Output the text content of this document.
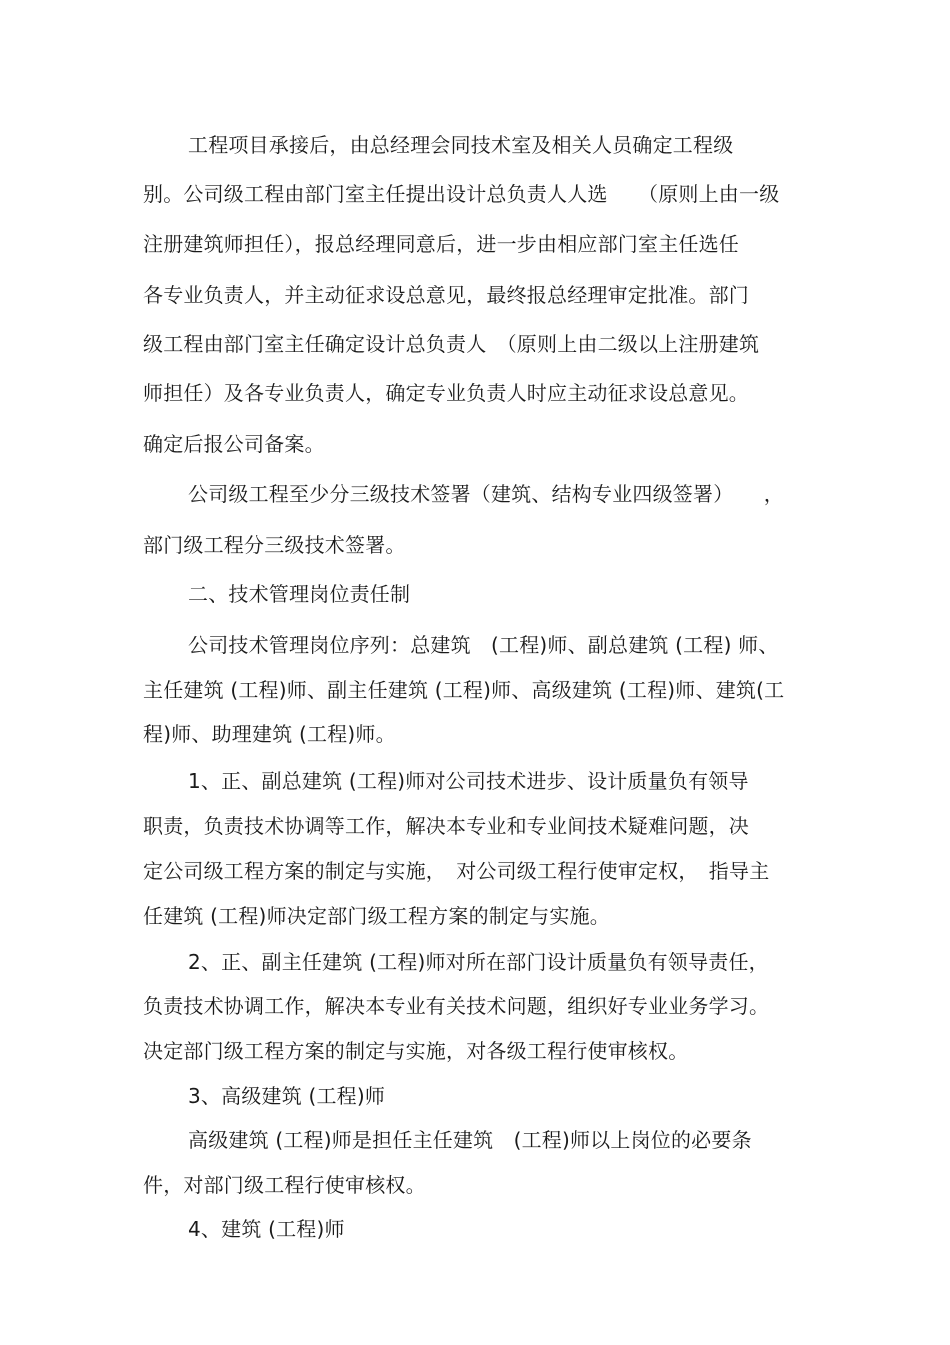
工程项目承接后，由总经理会同技术室及相关人员确定工程级
别。公司级工程由部门室主任提出设计总负责人人选　　（原则上由一级
注册建筑师担任），报总经理同意后，进一步由相应部门室主任选任
各专业负责人，并主动征求设总意见，最终报总经理审定批准。部门
级工程由部门室主任确定设计总负责人　（原则上由二级以上注册建筑
师担任）及各专业负责人，确定专业负责人时应主动征求设总意见。
确定后报公司备案。
公司级工程至少分三级技术签署（建筑、结构专业四级签署）　　，
部门级工程分三级技术签署。
二、技术管理岗位责任制
公司技术管理岗位序列：总建筑　(工程)师、副总建筑 (工程) 师、
主任建筑 (工程)师、副主任建筑 (工程)师、高级建筑 (工程)师、建筑(工
程)师、助理建筑 (工程)师。
1、正、副总建筑 (工程)师对公司技术进步、设计质量负有领导
职责，负责技术协调等工作，解决本专业和专业间技术疑难问题，决
定公司级工程方案的制定与实施，　对公司级工程行使审定权，　指导主
任建筑 (工程)师决定部门级工程方案的制定与实施。
2、正、副主任建筑 (工程)师对所在部门设计质量负有领导责任，
负责技术协调工作，解决本专业有关技术问题，组织好专业业务学习。
决定部门级工程方案的制定与实施，对各级工程行使审核权。
3、高级建筑 (工程)师
高级建筑 (工程)师是担任主任建筑　(工程)师以上岗位的必要条
件，对部门级工程行使审核权。
4、建筑 (工程)师
